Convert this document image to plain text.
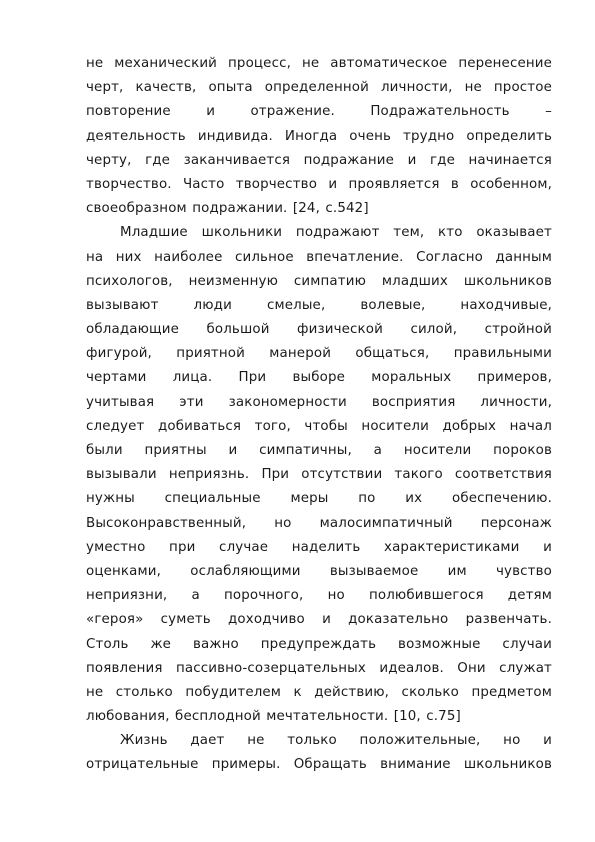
не механический процесс, не автоматическое перенесение
черт, качеств, опыта определенной личности, не простое
повторение и отражение. Подражательность –
деятельность индивида. Иногда очень трудно определить
черту, где заканчивается подражание и где начинается
творчество. Часто творчество и проявляется в особенном,
своеобразном подражании. [24, с.542]
Младшие школьники подражают тем, кто оказывает
на них наиболее сильное впечатление. Согласно данным
психологов, неизменную симпатию младших школьников
вызывают люди смелые, волевые, находчивые,
обладающие большой физической силой, стройной
фигурой, приятной манерой общаться, правильными
чертами лица. При выборе моральных примеров,
учитывая эти закономерности восприятия личности,
следует добиваться того, чтобы носители добрых начал
были приятны и симпатичны, а носители пороков
вызывали неприязнь. При отсутствии такого соответствия
нужны специальные меры по их обеспечению.
Высоконравственный, но малосимпатичный персонаж
уместно при случае наделить характеристиками и
оценками, ослабляющими вызываемое им чувство
неприязни, а порочного, но полюбившегося детям
«героя» суметь доходчиво и доказательно развенчать.
Столь же важно предупреждать возможные случаи
появления пассивно-созерцательных идеалов. Они служат
не столько побудителем к действию, сколько предметом
любования, бесплодной мечтательности. [10, с.75]
Жизнь дает не только положительные, но и
отрицательные примеры. Обращать внимание школьников
